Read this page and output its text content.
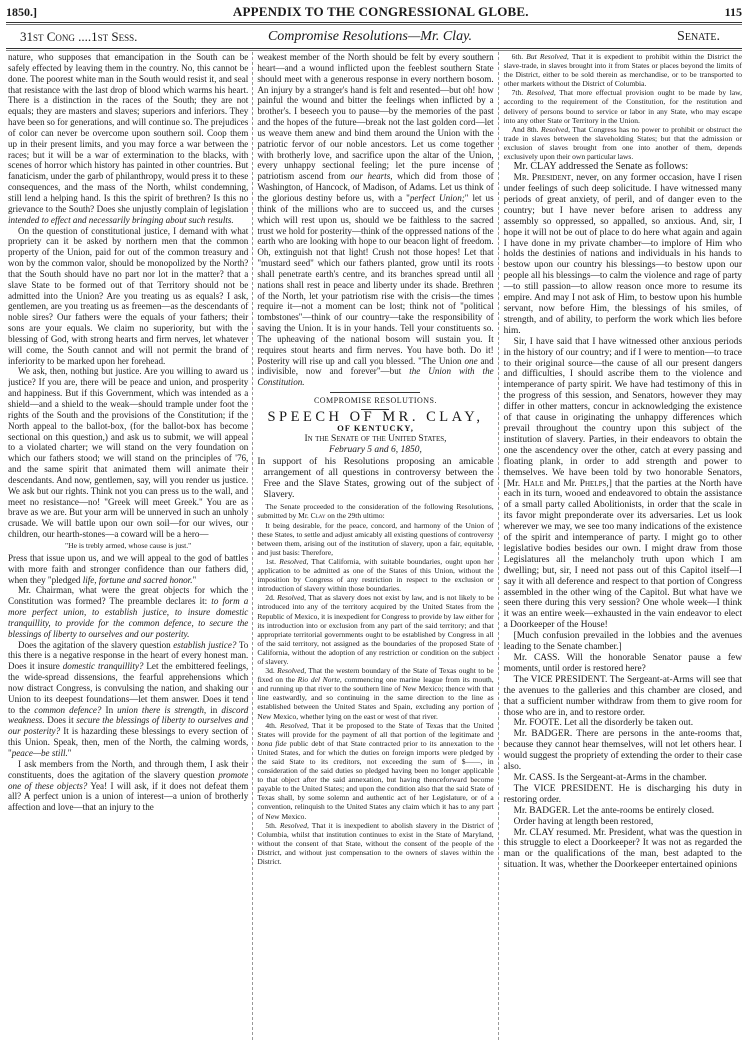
1850.]	APPENDIX TO THE CONGRESSIONAL GLOBE.	115
31st Cong ....1st Sess.	Compromise Resolutions—Mr. Clay.	Senate.

nature, who supposes that emancipation in the South can be safely effected by leaving them in the country. No, this cannot be done. The poorest white man in the South would resist it, and seal that resistance with the last drop of blood which warms his heart. There is a distinction in the races of the South; they are not equals; they are masters and slaves; superiors and inferiors. They have been so for generations, and will continue so. The prejudices of color can never be overcome upon southern soil. Coop them up in their present limits, and you may force a war between the races; but it will be a war of extermination to the blacks, with scenes of horror which history has painted in other countries. But fanaticism, under the garb of philanthropy, would press it to these consequences, and the mass of the North, whilst condemning, still lend a helping hand. Is this the spirit of brethren? Is this no grievance to the South? Does she unjustly complain of legislation intended to effect and necessarily bringing about such results.

On the question of constitutional justice, I demand with what propriety can it be asked by northern men that the common property of the Union, paid for out of the common treasury and won by the common valor, should be monopolized by the North? that the South should have no part nor lot in the matter? that a slave State to be formed out of that Territory should not be admitted into the Union? Are you treating us as equals? I ask, gentlemen, are you treating us as freemen—as the descendants of noble sires? Our fathers were the equals of your fathers; their sons are your equals. We claim no superiority, but with the blessing of God, with strong hearts and firm nerves, let whatever will come, the South cannot and will not permit the brand of inferiority to be marked upon her forehead.

We ask, then, nothing but justice. Are you willing to award us justice? If you are, there will be peace and union, and prosperity and happiness. But if this Government, which was intended as a shield—and a shield to the weak—should trample under foot the rights of the South and the provisions of the Constitution; if the North appeal to the ballot-box, (for the ballot-box has become sectional on this question,) and ask us to submit, we will appeal to a violated charter; we will stand on the very foundation on which our fathers stood; we will stand on the principles of '76, and the same spirit that animated them will animate their descendants. And now, gentlemen, say, will you render us justice. We ask but our rights. Think not you can press us to the wall, and meet no resistance—no! "Greek will meet Greek." You are as brave as we are. But your arm will be unnerved in such an unholy crusade. We will battle upon our own soil—for our wives, our children, our hearth-stones—a coward will be a hero—

"He is trebly armed, whose cause is just."

Press that issue upon us, and we will appeal to the god of battles with more faith and stronger confidence than our fathers did, when they "pledged life, fortune and sacred honor."

Mr. Chairman, what were the great objects for which the Constitution was formed? The preamble declares it: to form a more perfect union, to establish justice, to insure domestic tranquillity, to provide for the common defence, to secure the blessings of liberty to ourselves and our posterity.

Does the agitation of the slavery question establish justice? To this there is a negative response in the heart of every honest man. Does it insure domestic tranquillity? Let the embittered feelings, the wide-spread dissensions, the fearful apprehensions which now distract Congress, is convulsing the nation, and shaking our Union to its deepest foundations—let them answer. Does it tend to the common defence? In union there is strength, in discord weakness. Does it secure the blessings of liberty to ourselves and our posterity? It is hazarding these blessings to every section of this Union. Speak, then, men of the North, the calming words, "peace—be still."

I ask members from the North, and through them, I ask their constituents, does the agitation of the slavery question promote one of these objects? Yea! I will ask, if it does not defeat them all? A perfect union is a union of interest—a union of brotherly affection and love—that an injury to the

weakest member of the North should be felt by every southern heart—and a wound inflicted upon the feeblest southern State should meet with a generous response in every northern bosom. An injury by a stranger's hand is felt and resented—but oh! how painful the wound and bitter the feelings when inflicted by a brother's. I beseech you to pause—by the memories of the past and the hopes of the future—break not the last golden cord—let us weave them anew and bind them around the Union with the patriotic fervor of our noble ancestors. Let us come together with brotherly love, and sacrifice upon the altar of the Union, every unhappy sectional feeling; let the pure incense of patriotism ascend from our hearts, which did from those of Washington, of Hancock, of Madison, of Adams. Let us think of the glorious destiny before us, with a "perfect Union;" let us think of the millions who are to succeed us, and the curses which will rest upon us, should we be faithless to the sacred trust we hold for posterity—think of the oppressed nations of the earth who are looking with hope to our beacon light of freedom. Oh, extinguish not that light! Crush not those hopes! Let that "mustard seed" which our fathers planted, grow until its roots shall penetrate earth's centre, and its branches spread until all nations shall rest in peace and liberty under its shade. Brethren of the North, let your patriotism rise with the crisis—the times require it—not a moment can be lost; think not of "political tombstones"—think of our country—take the responsibility of saving the Union. It is in your hands. Tell your constituents so. The upheaving of the national bosom will sustain you. It requires stout hearts and firm nerves. You have both. Do it! Posterity will rise up and call you blessed. "The Union one and indivisible, now and forever"—but the Union with the Constitution.

COMPROMISE RESOLUTIONS.
SPEECH OF MR. CLAY,
OF KENTUCKY,
In the Senate of the United States,
February 5 and 6, 1850,
In support of his Resolutions proposing an amicable arrangement of all questions in controversy between the Free and the Slave States, growing out of the subject of Slavery.

The Senate proceeded to the consideration of the following Resolutions, submitted by Mr. Clay on the 29th ultimo:

It being desirable, for the peace, concord, and harmony of the Union of these States, to settle and adjust amicably all existing questions of controversy between them, arising out of the institution of slavery, upon a fair, equitable, and just basis: Therefore,

1st. Resolved, That California, with suitable boundaries, ought upon her application to be admitted as one of the States of this Union, without the imposition by Congress of any restriction in respect to the exclusion or introduction of slavery within those boundaries.

2d. Resolved, That as slavery does not exist by law, and is not likely to be introduced into any of the territory acquired by the United States from the Republic of Mexico, it is inexpedient for Congress to provide by law either for its introduction into or exclusion from any part of the said territory; and that appropriate territorial governments ought to be established by Congress in all of the said territory, not assigned as the boundaries of the proposed State of California, without the adoption of any restriction or condition on the subject of slavery.

3d. Resolved, That the western boundary of the State of Texas ought to be fixed on the Rio del Norte, commencing one marine league from its mouth, and running up that river to the southern line of New Mexico; thence with that line eastwardly, and so continuing in the same direction to the line as established between the United States and Spain, excluding any portion of New Mexico, whether lying on the east or west of that river.

4th. Resolved, That it be proposed to the State of Texas that the United States will provide for the payment of all that portion of the legitimate and bona fide public debt of that State contracted prior to its annexation to the United States, and for which the duties on foreign imports were pledged by the said State to its creditors, not exceeding the sum of $——, in consideration of the said duties so pledged having been no longer applicable to that object after the said annexation, but having thenceforward become payable to the United States; and upon the condition also that the said State of Texas shall, by some solemn and authentic act of her Legislature, or of a convention, relinquish to the United States any claim which it has to any part of New Mexico.

5th. Resolved, That it is inexpedient to abolish slavery in the District of Columbia, whilst that institution continues to exist in the State of Maryland, without the consent of that State, without the consent of the people of the District, and without just compensation to the owners of slaves within the District.

6th. But Resolved, That it is expedient to prohibit within the District the slave-trade, in slaves brought into it from States or places beyond the limits of the District, either to be sold therein as merchandise, or to be transported to other markets without the District of Columbia.

7th. Resolved, That more effectual provision ought to be made by law, according to the requirement of the Constitution, for the restitution and delivery of persons bound to service or labor in any State, who may escape into any other State or Territory in the Union.

And 8th. Resolved, That Congress has no power to prohibit or obstruct the trade in slaves between the slaveholding States; but that the admission or exclusion of slaves brought from one into another of them, depends exclusively upon their own particular laws.

Mr. CLAY addressed the Senate as follows:

Mr. President, never, on any former occasion, have I risen under feelings of such deep solicitude. I have witnessed many periods of great anxiety, of peril, and of danger even to the country; but I have never before arisen to address any assembly so oppressed, so appalled, so anxious. And, sir, I hope it will not be out of place to do here what again and again I have done in my private chamber—to implore of Him who holds the destinies of nations and individuals in his hands to bestow upon our country his blessings—to bestow upon our people all his blessings—to calm the violence and rage of party—to still passion—to allow reason once more to resume its empire. And may I not ask of Him, to bestow upon his humble servant, now before Him, the blessings of his smiles, of strength, and of ability, to perform the work which lies before him.

Sir, I have said that I have witnessed other anxious periods in the history of our country; and if I were to mention—to trace to their original source—the cause of all our present dangers and difficulties, I should ascribe them to the violence and intemperance of party spirit. We have had testimony of this in the progress of this session, and Senators, however they may differ in other matters, concur in acknowledging the existence of that cause in originating the unhappy differences which prevail throughout the country upon this subject of the institution of slavery. Parties, in their endeavors to obtain the one the ascendency over the other, catch at every passing and floating plank, in order to add strength and power to themselves. We have been told by two honorable Senators, [Mr. Hale and Mr. Phelps,] that the parties at the North have each in its turn, wooed and endeavored to obtain the assistance of a small party called Abolitionists, in order that the scale in its favor might preponderate over its adversaries. Let us look wherever we may, we see too many indications of the existence of the spirit and intemperance of party. I might go to other legislative bodies besides our own. I might draw from those Legislatures all the melancholy truth upon which I am dwelling; but, sir, I need not pass out of this Capitol itself—I say it with all deference and respect to that portion of Congress assembled in the other wing of the Capitol. But what have we seen there during this very session? One whole week—I think it was an entire week—exhausted in the vain endeavor to elect a Doorkeeper of the House!

[Much confusion prevailed in the lobbies and the avenues leading to the Senate chamber.]

Mr. CASS. Will the honorable Senator pause a few moments, until order is restored here?

The VICE PRESIDENT. The Sergeant-at-Arms will see that the avenues to the galleries and this chamber are closed, and that a sufficient number withdraw from them to give room for those who are in, and to restore order.

Mr. FOOTE. Let all the disorderly be taken out.

Mr. BADGER. There are persons in the ante-rooms that, because they cannot hear themselves, will not let others hear. I would suggest the propriety of extending the order to their case also.

Mr. CASS. Is the Sergeant-at-Arms in the chamber.

The VICE PRESIDENT. He is discharging his duty in restoring order.

Mr. BADGER. Let the ante-rooms be entirely closed.

Order having at length been restored,

Mr. CLAY resumed. Mr. President, what was the question in this struggle to elect a Doorkeeper? It was not as regarded the man or the qualifications of the man, best adapted to the situation. It was, whether the Doorkeeper entertained opinions
